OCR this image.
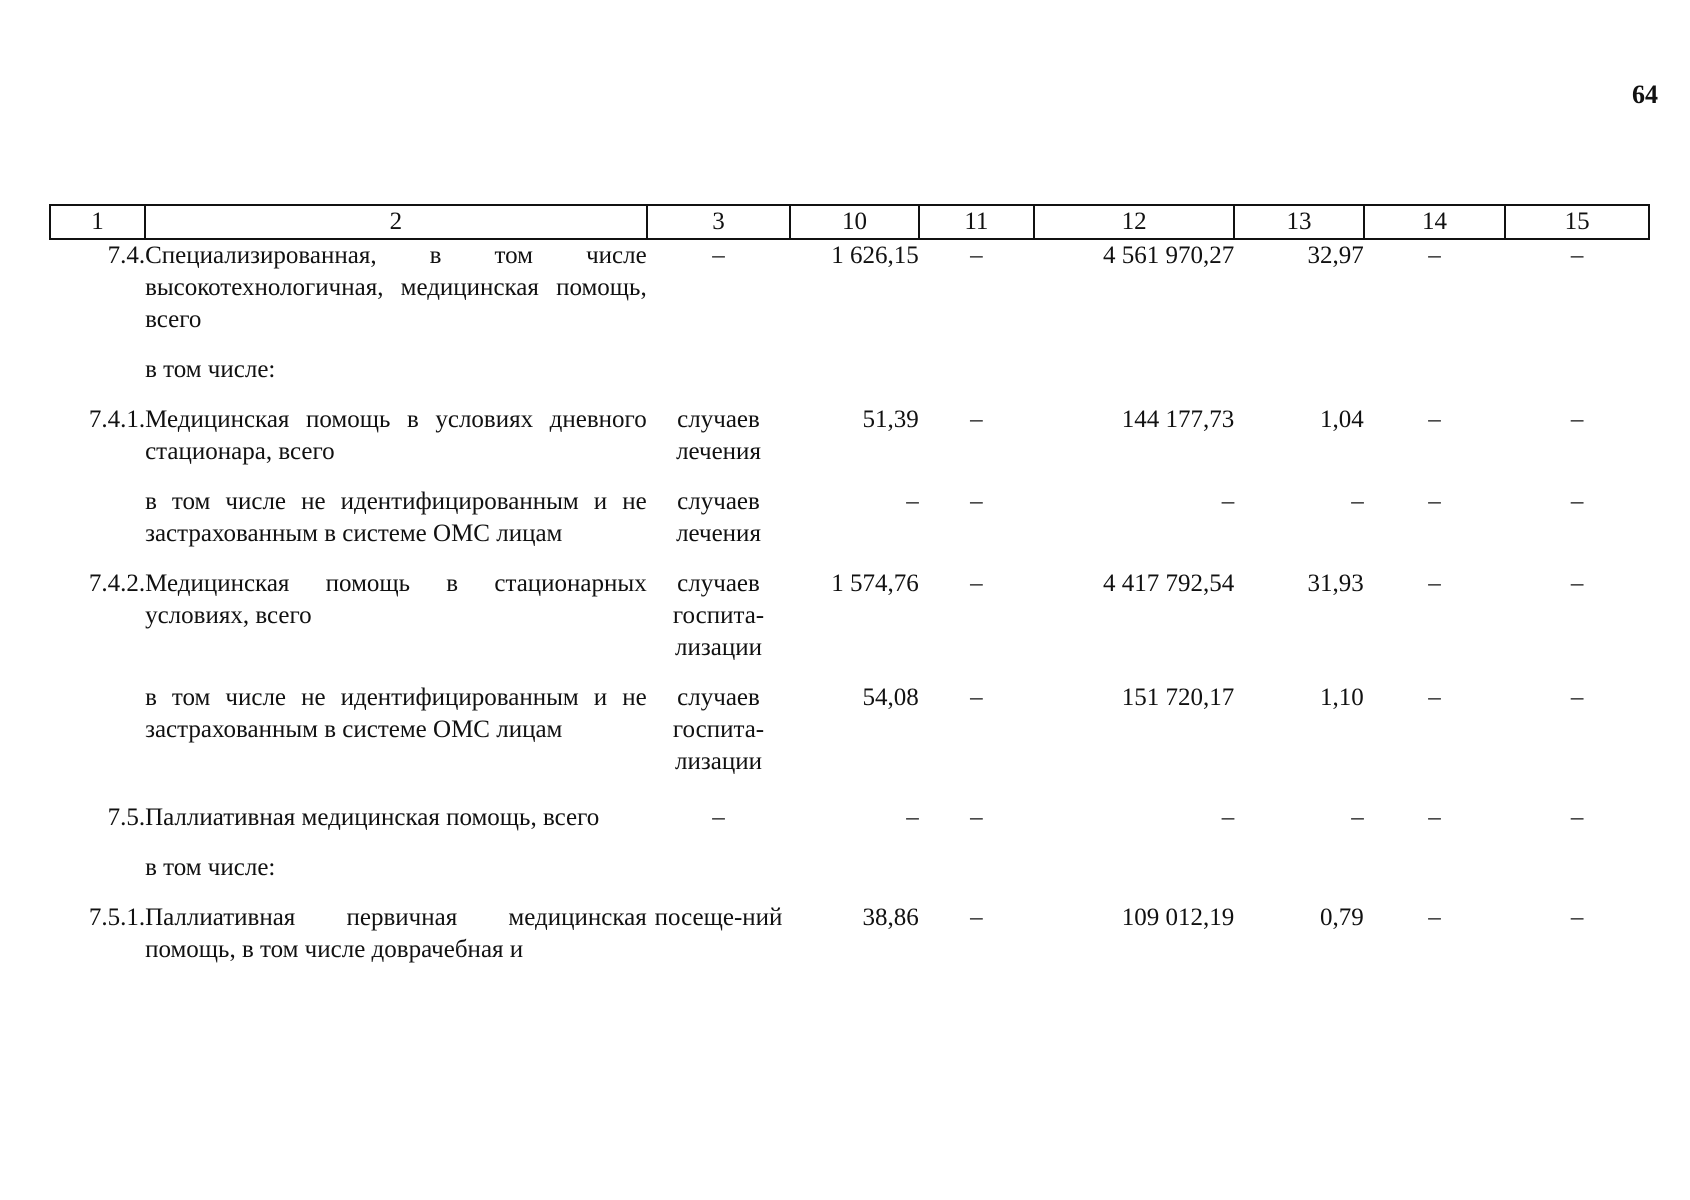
64
1	2	3	10	11	12	13	14	15
7.4.	Специализированная, в том числе высокотехнологичная, медицинская помощь, всего	–	1 626,15	–	4 561 970,27	32,97	–	–
	в том числе:							
7.4.1.	Медицинская помощь в условиях дневного стационара, всего	случаев лечения	51,39	–	144 177,73	1,04	–	–
	в том числе не идентифицированным и не застрахованным в системе ОМС лицам	случаев лечения	–	–	–	–	–	–
7.4.2.	Медицинская помощь в стационарных условиях, всего	случаев госпита-лизации	1 574,76	–	4 417 792,54	31,93	–	–
	в том числе не идентифицированным и не застрахованным в системе ОМС лицам	случаев госпита-лизации	54,08	–	151 720,17	1,10	–	–
7.5.	Паллиативная медицинская помощь, всего	–	–	–	–	–	–	–
	в том числе:							
7.5.1.	Паллиативная первичная медицинская помощь, в том числе доврачебная и	посеще-ний	38,86	–	109 012,19	0,79	–	–
